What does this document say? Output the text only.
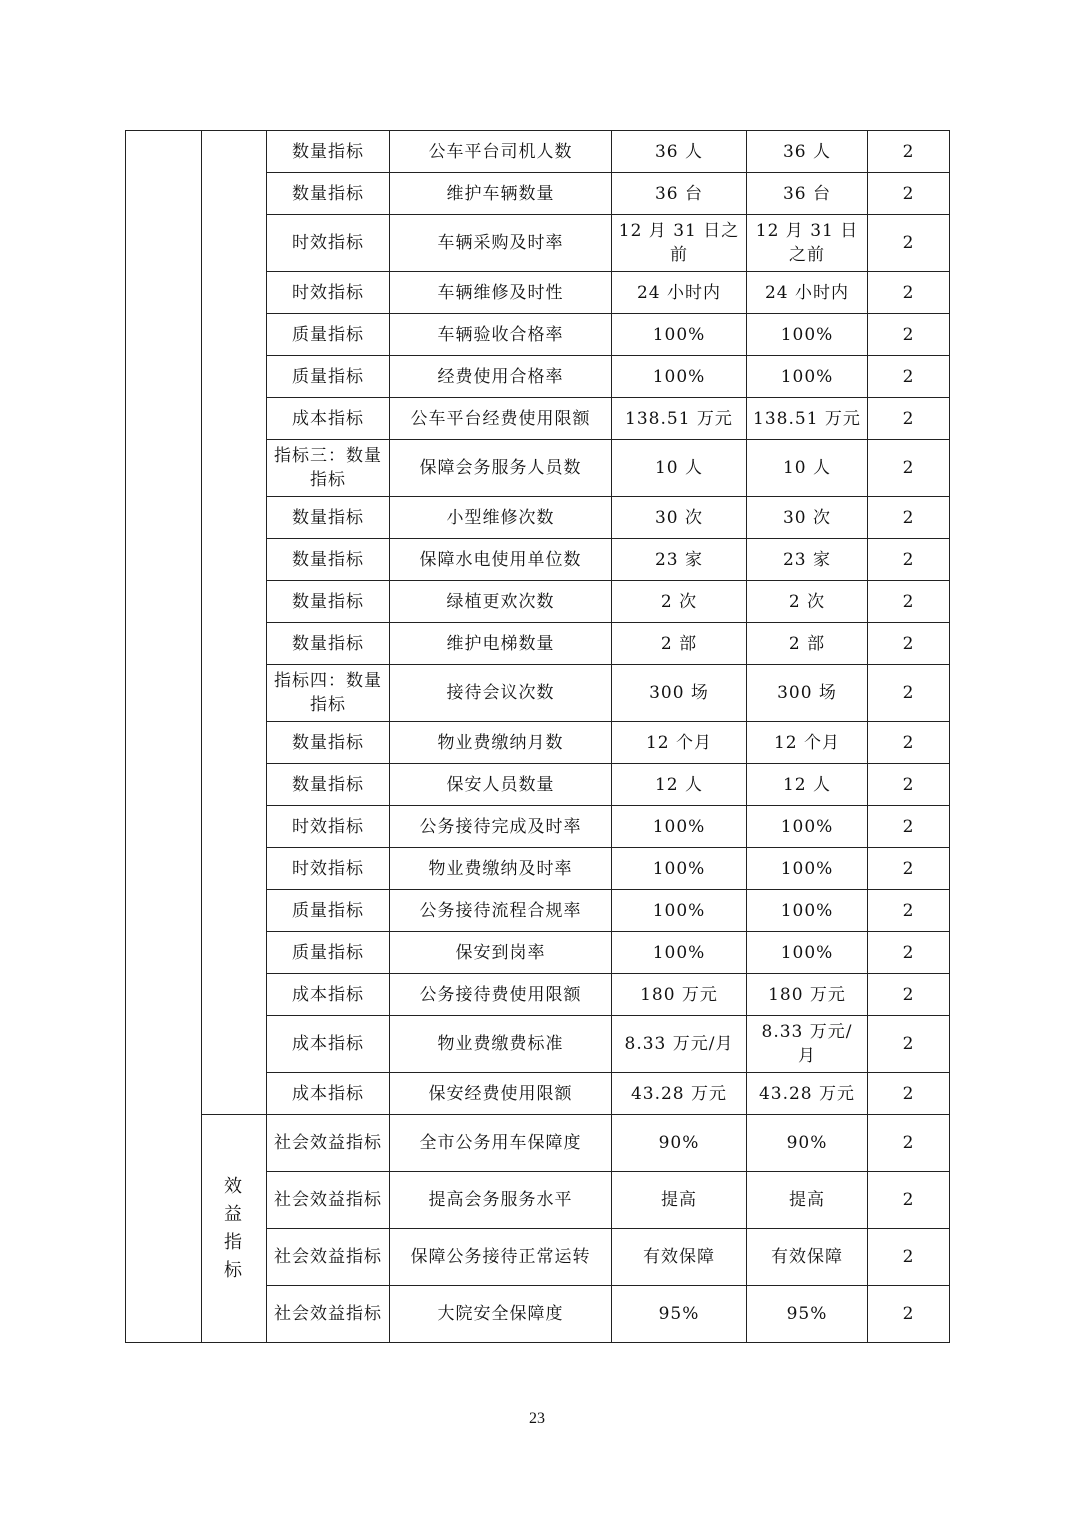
		数量指标	公车平台司机人数	36 人	36 人	2
		数量指标	维护车辆数量	36 台	36 台	2
		时效指标	车辆采购及时率	12 月 31 日之前	12 月 31 日之前	2
		时效指标	车辆维修及时性	24 小时内	24 小时内	2
		质量指标	车辆验收合格率	100%	100%	2
		质量指标	经费使用合格率	100%	100%	2
		成本指标	公车平台经费使用限额	138.51 万元	138.51 万元	2
		指标三：数量指标	保障会务服务人员数	10 人	10 人	2
		数量指标	小型维修次数	30 次	30 次	2
		数量指标	保障水电使用单位数	23 家	23 家	2
		数量指标	绿植更欢次数	2 次	2 次	2
		数量指标	维护电梯数量	2 部	2 部	2
		指标四：数量指标	接待会议次数	300 场	300 场	2
		数量指标	物业费缴纳月数	12 个月	12 个月	2
		数量指标	保安人员数量	12 人	12 人	2
		时效指标	公务接待完成及时率	100%	100%	2
		时效指标	物业费缴纳及时率	100%	100%	2
		质量指标	公务接待流程合规率	100%	100%	2
		质量指标	保安到岗率	100%	100%	2
		成本指标	公务接待费使用限额	180 万元	180 万元	2
		成本指标	物业费缴费标准	8.33 万元/月	8.33 万元/月	2
		成本指标	保安经费使用限额	43.28 万元	43.28 万元	2
	效益指标	社会效益指标	全市公务用车保障度	90%	90%	2
		社会效益指标	提高会务服务水平	提高	提高	2
		社会效益指标	保障公务接待正常运转	有效保障	有效保障	2
		社会效益指标	大院安全保障度	95%	95%	2
23
